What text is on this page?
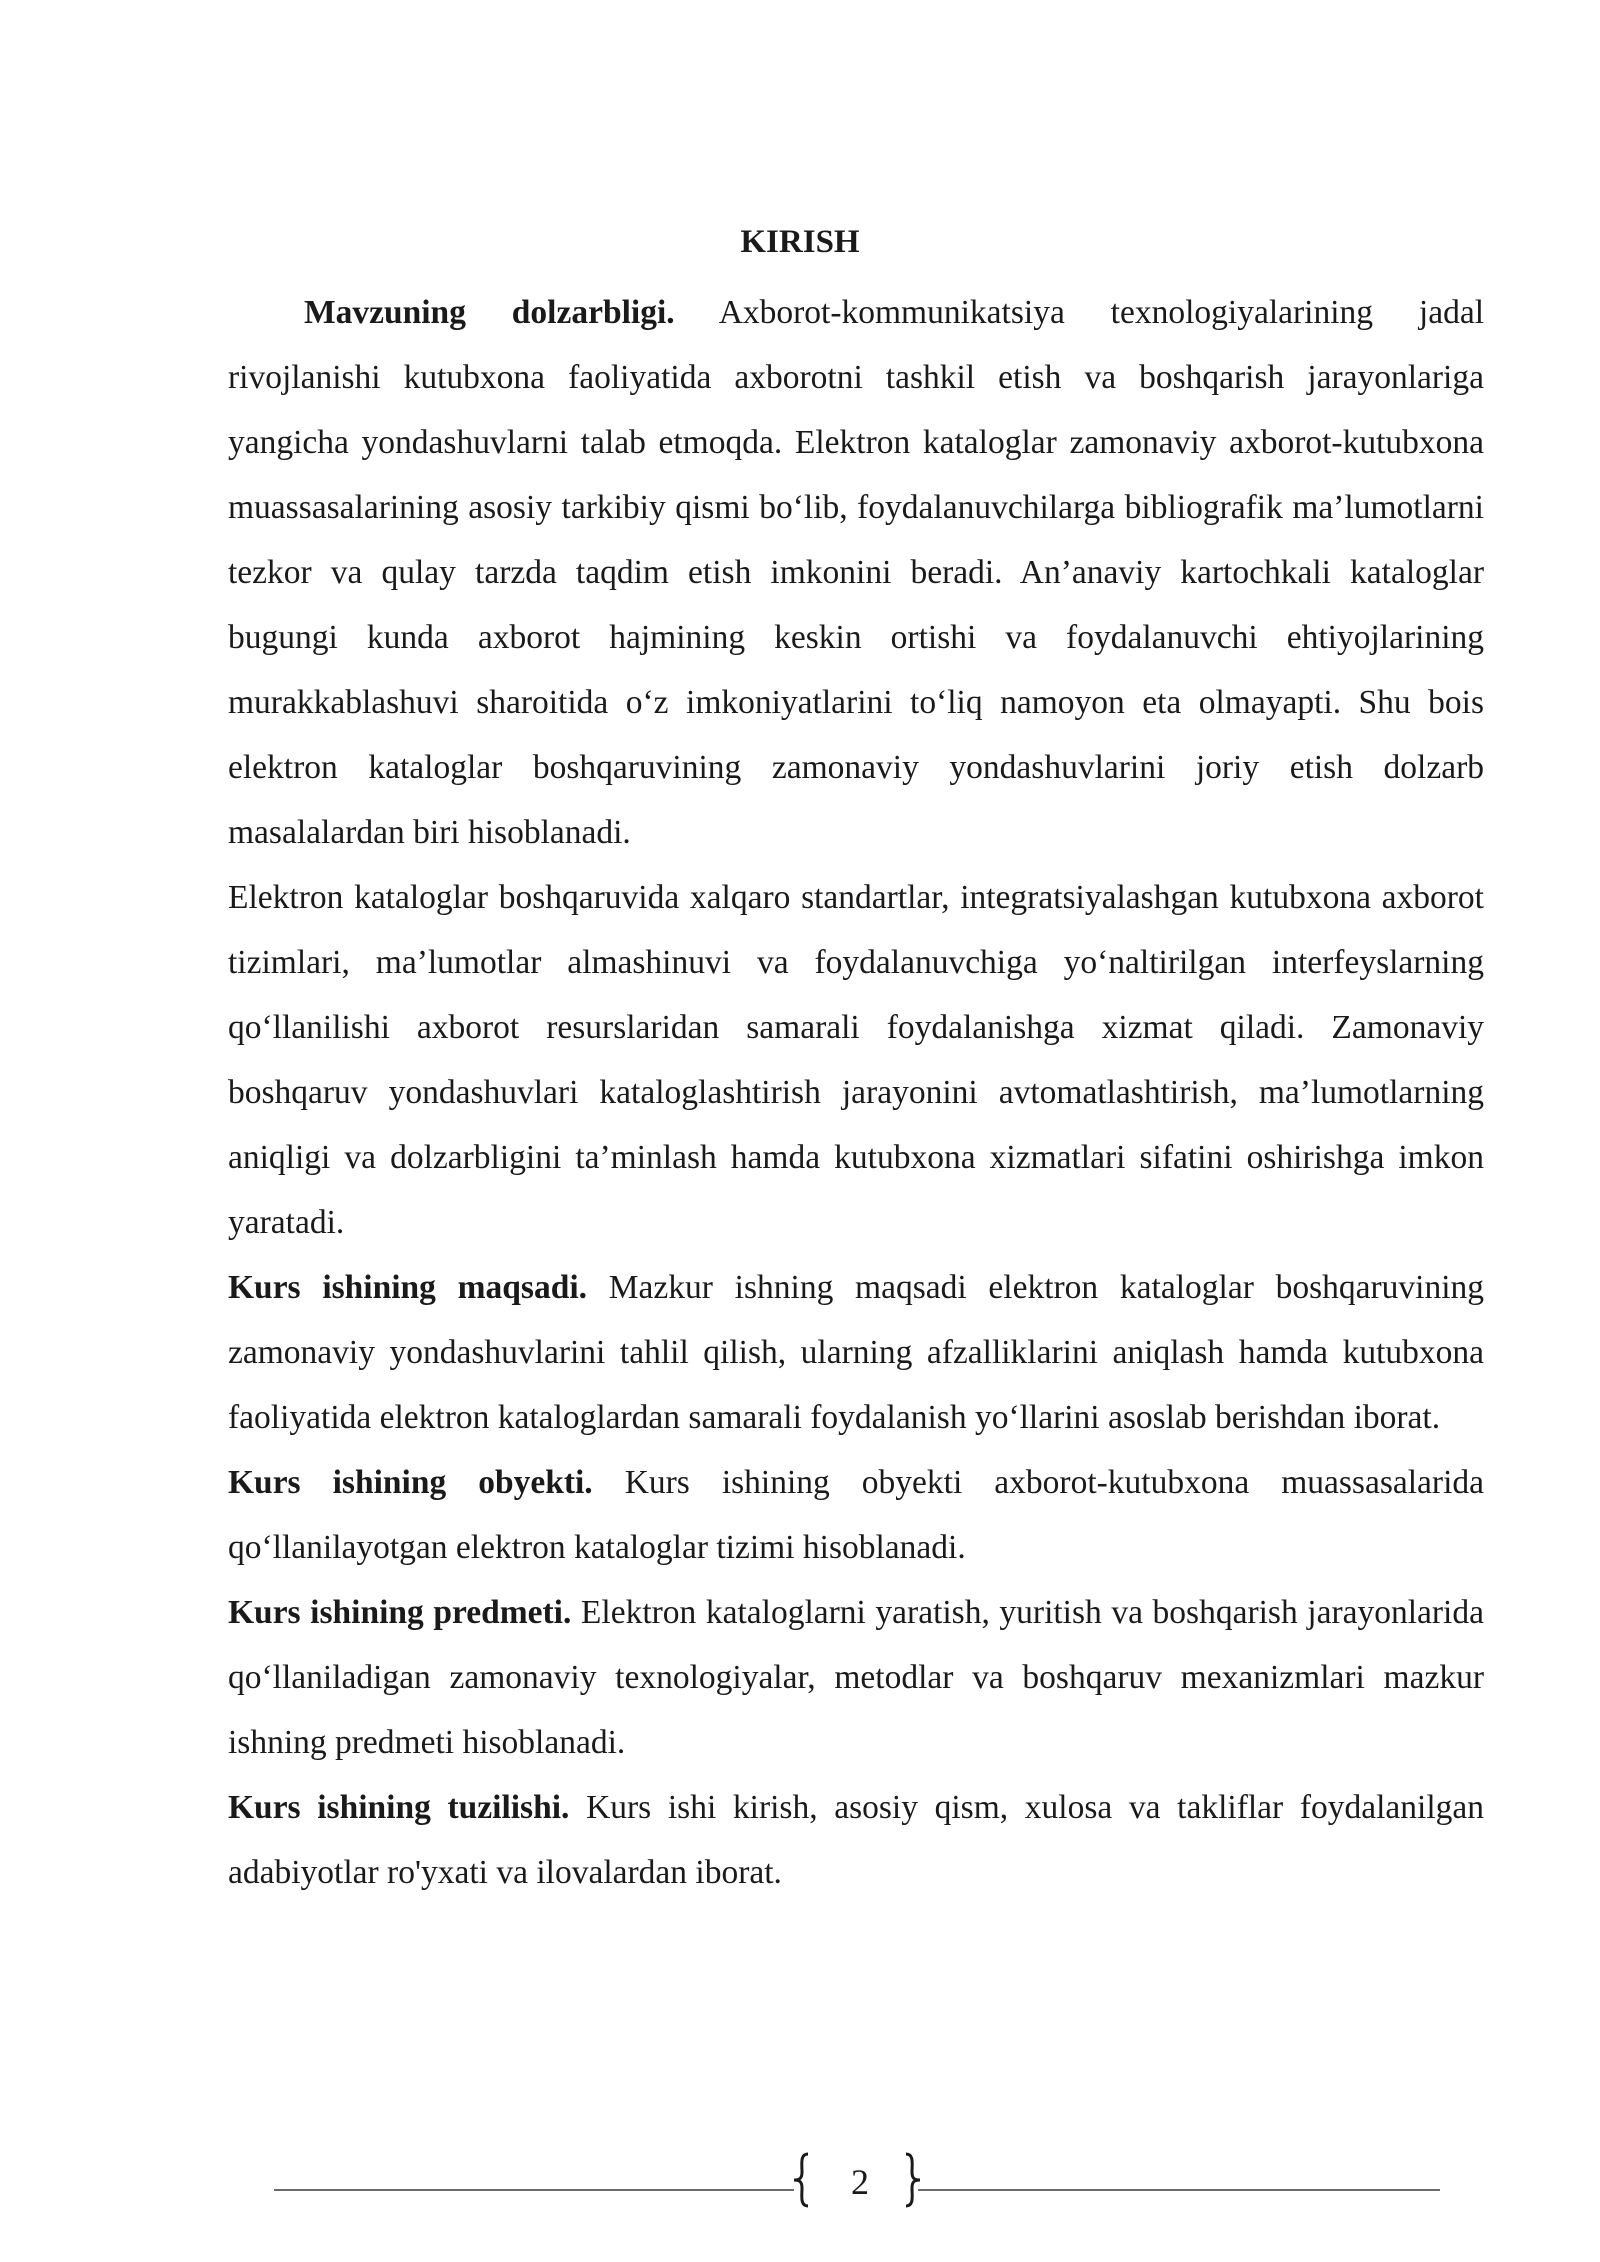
KIRISH

Mavzuning dolzarbligi. Axborot-kommunikatsiya texnologiyalarining jadal rivojlanishi kutubxona faoliyatida axborotni tashkil etish va boshqarish jarayonlariga yangicha yondashuvlarni talab etmoqda. Elektron kataloglar zamonaviy axborot-kutubxona muassasalarining asosiy tarkibiy qismi bo‘lib, foydalanuvchilarga bibliografik ma’lumotlarni tezkor va qulay tarzda taqdim etish imkonini beradi. An’anaviy kartochkali kataloglar bugungi kunda axborot hajmining keskin ortishi va foydalanuvchi ehtiyojlarining murakkablashuvi sharoitida o‘z imkoniyatlarini to‘liq namoyon eta olmayapti. Shu bois elektron kataloglar boshqaruvining zamonaviy yondashuvlarini joriy etish dolzarb masalalardan biri hisoblanadi.

Elektron kataloglar boshqaruvida xalqaro standartlar, integratsiyalashgan kutubxona axborot tizimlari, ma’lumotlar almashinuvi va foydalanuvchiga yo‘naltirilgan interfeyslarning qo‘llanilishi axborot resurslaridan samarali foydalanishga xizmat qiladi. Zamonaviy boshqaruv yondashuvlari kataloglashtirish jarayonini avtomatlashtirish, ma’lumotlarning aniqligi va dolzarbligini ta’minlash hamda kutubxona xizmatlari sifatini oshirishga imkon yaratadi.

Kurs ishining maqsadi. Mazkur ishning maqsadi elektron kataloglar boshqaruvining zamonaviy yondashuvlarini tahlil qilish, ularning afzalliklarini aniqlash hamda kutubxona faoliyatida elektron kataloglardan samarali foydalanish yo‘llarini asoslab berishdan iborat.

Kurs ishining obyekti. Kurs ishining obyekti axborot-kutubxona muassasalarida qo‘llanilayotgan elektron kataloglar tizimi hisoblanadi.

Kurs ishining predmeti. Elektron kataloglarni yaratish, yuritish va boshqarish jarayonlarida qo‘llaniladigan zamonaviy texnologiyalar, metodlar va boshqaruv mexanizmlari mazkur ishning predmeti hisoblanadi.

Kurs ishining tuzilishi. Kurs ishi kirish, asosiy qism, xulosa va takliflar foydalanilgan adabiyotlar ro'yxati va ilovalardan iborat.

2
